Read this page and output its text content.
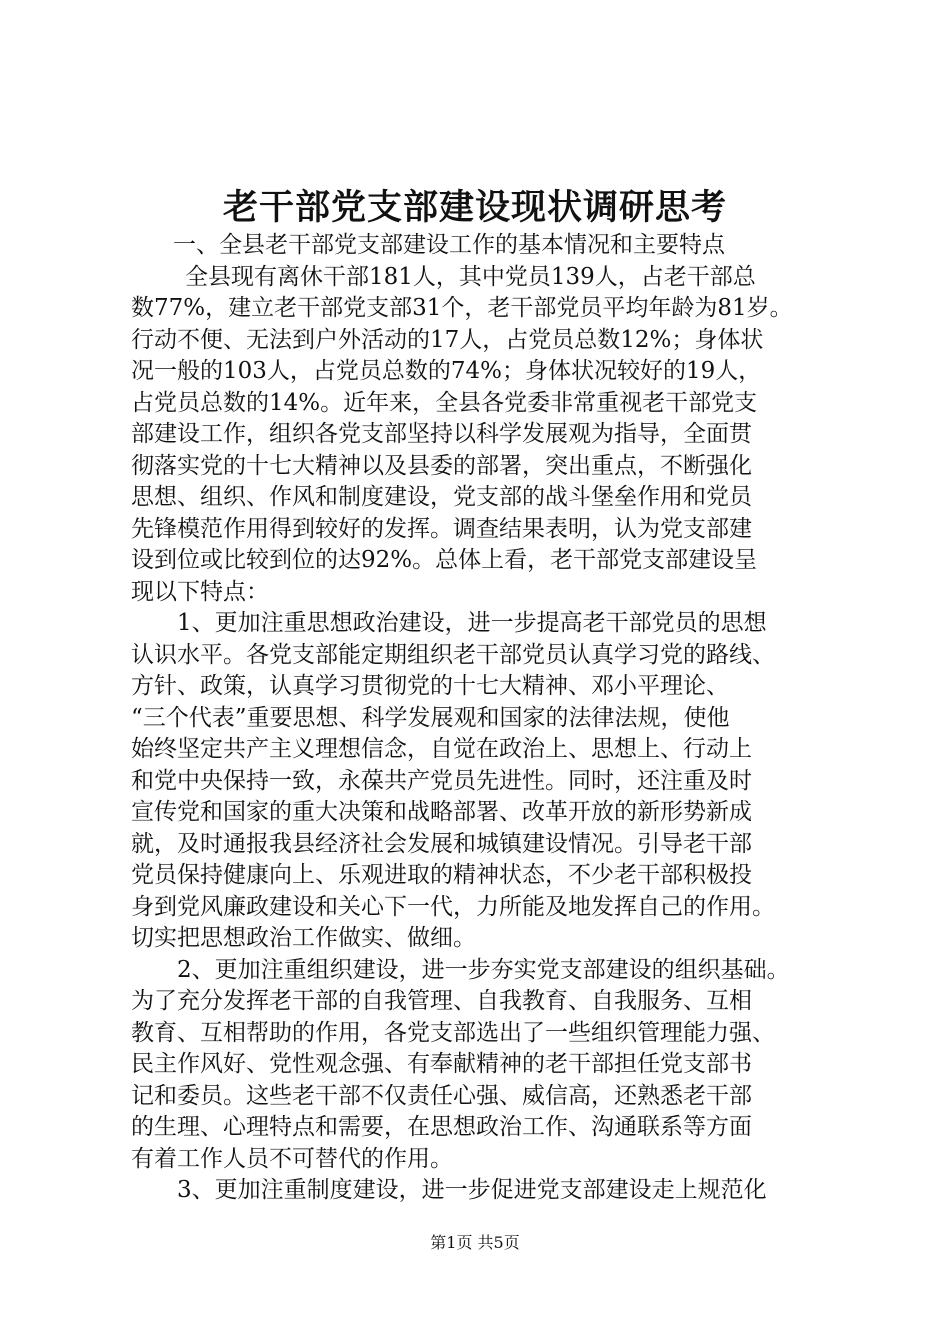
老干部党支部建设现状调研思考

一、全县老干部党支部建设工作的基本情况和主要特点

全县现有离休干部181人，其中党员139人，占老干部总

数77%，建立老干部党支部31个，老干部党员平均年龄为81岁。

行动不便、无法到户外活动的17人，占党员总数12%；身体状

况一般的103人，占党员总数的74%；身体状况较好的19人，

占党员总数的14%。近年来，全县各党委非常重视老干部党支

部建设工作，组织各党支部坚持以科学发展观为指导，全面贯

彻落实党的十七大精神以及县委的部署，突出重点，不断强化

思想、组织、作风和制度建设，党支部的战斗堡垒作用和党员

先锋模范作用得到较好的发挥。调查结果表明，认为党支部建

设到位或比较到位的达92%。总体上看，老干部党支部建设呈

现以下特点：

1、更加注重思想政治建设，进一步提高老干部党员的思想

认识水平。各党支部能定期组织老干部党员认真学习党的路线、

方针、政策，认真学习贯彻党的十七大精神、邓小平理论、

“三个代表”重要思想、科学发展观和国家的法律法规，使他

始终坚定共产主义理想信念，自觉在政治上、思想上、行动上

和党中央保持一致，永葆共产党员先进性。同时，还注重及时

宣传党和国家的重大决策和战略部署、改革开放的新形势新成

就，及时通报我县经济社会发展和城镇建设情况。引导老干部

党员保持健康向上、乐观进取的精神状态，不少老干部积极投

身到党风廉政建设和关心下一代，力所能及地发挥自己的作用。

切实把思想政治工作做实、做细。

2、更加注重组织建设，进一步夯实党支部建设的组织基础。

为了充分发挥老干部的自我管理、自我教育、自我服务、互相

教育、互相帮助的作用，各党支部选出了一些组织管理能力强、

民主作风好、党性观念强、有奉献精神的老干部担任党支部书

记和委员。这些老干部不仅责任心强、威信高，还熟悉老干部

的生理、心理特点和需要，在思想政治工作、沟通联系等方面

有着工作人员不可替代的作用。

3、更加注重制度建设，进一步促进党支部建设走上规范化

第1页 共5页
